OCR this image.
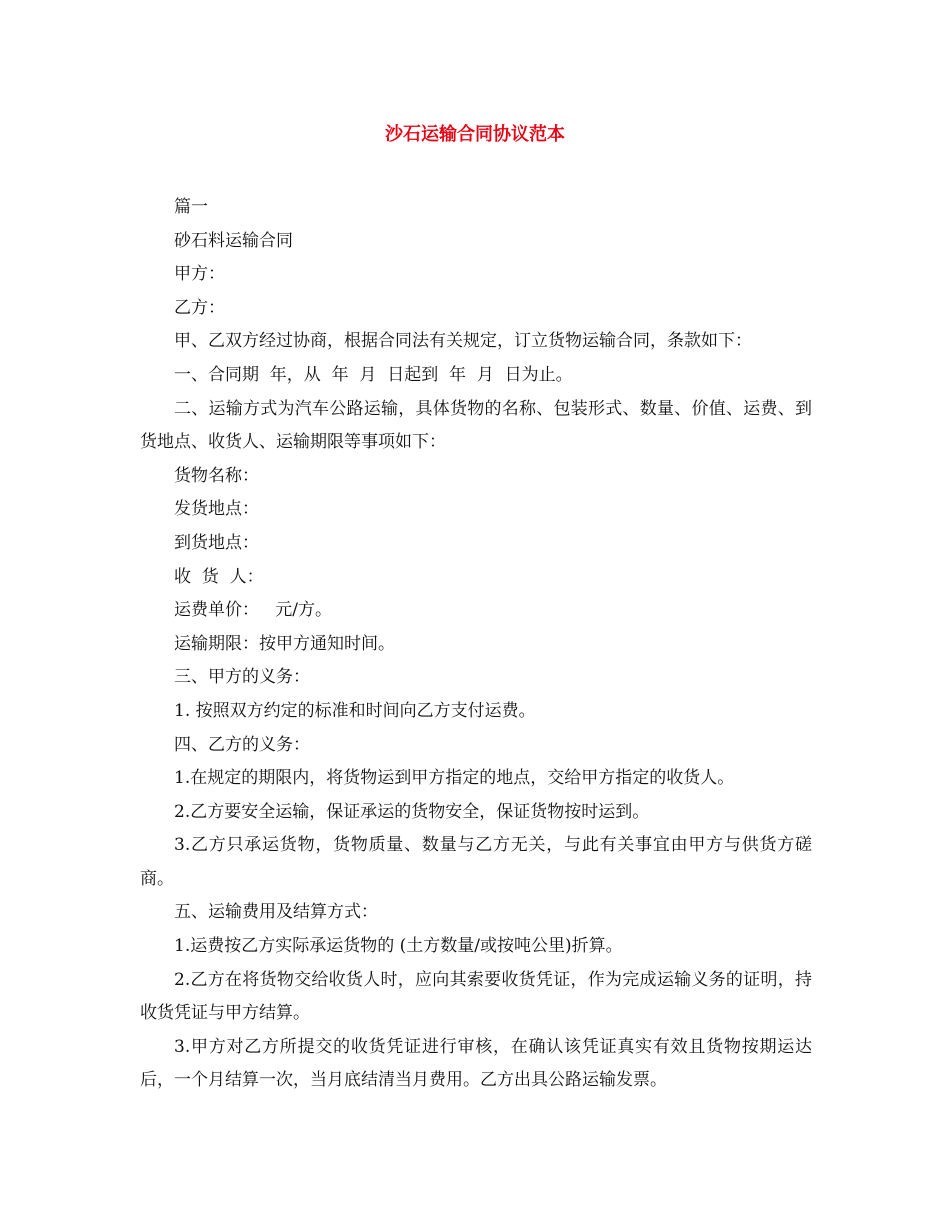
沙石运输合同协议范本

篇一

砂石料运输合同

甲方：

乙方：

甲、乙双方经过协商，根据合同法有关规定，订立货物运输合同，条款如下：

一、合同期  年，从  年  月  日起到  年  月  日为止。

二、运输方式为汽车公路运输，具体货物的名称、包装形式、数量、价值、运费、到货地点、收货人、运输期限等事项如下：

货物名称：

发货地点：

到货地点：

收  货  人：

运费单价：   元/方。

运输期限：按甲方通知时间。

三、甲方的义务：

1. 按照双方约定的标准和时间向乙方支付运费。

四、乙方的义务：

1.在规定的期限内，将货物运到甲方指定的地点，交给甲方指定的收货人。

2.乙方要安全运输，保证承运的货物安全，保证货物按时运到。

3.乙方只承运货物，货物质量、数量与乙方无关，与此有关事宜由甲方与供货方磋商。

五、运输费用及结算方式：

1.运费按乙方实际承运货物的 (土方数量/或按吨公里)折算。

2.乙方在将货物交给收货人时，应向其索要收货凭证，作为完成运输义务的证明，持收货凭证与甲方结算。

3.甲方对乙方所提交的收货凭证进行审核，在确认该凭证真实有效且货物按期运达后，一个月结算一次，当月底结清当月费用。乙方出具公路运输发票。
